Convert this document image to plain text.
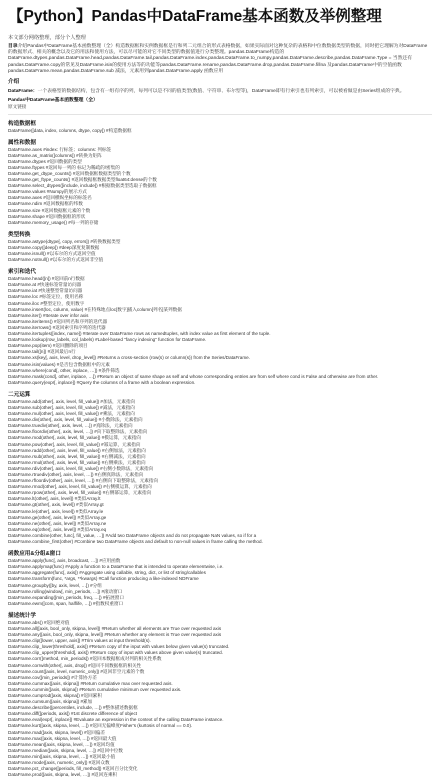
【Python】Pandas中DataFrame基本函数及举例整理
本文部分网络整理，部分个人整理
目录介绍Pandas中DataFrame基本函数整理（全）构造数据框和实例数据框是行和列二元组合的形式表格数据，如果实际面对这种复杂的表格和中位数数据类型的数据，同时把它理解为对DataFrame的数据形式、相关的概念以及它的用法和使用方法，可以尽可能的对它不同类型的数据值进行分类整理。pandas.DataFrame构造的DataFrame.dtypes,pandas.DataFrame.head,pandas.DataFrame.tail,pandas.DataFrame.index,pandas.DataFrame.to_numpy,pandas.DataFrame.describe,pandas.DataFrame.Type = 当然还有 pandas.DataFrame.copy的常见及DataFrame.isin的使用方法等的功能等pandas.DataFrame.rename,pandas.DataFrame.drop,pandas.DataFrame.fillna 及pandas.DataFrame中的空值函数pandas.DataFrame.mean,pandas.DataFrame.sub 减法，元素用到pandas.DataFrame.apply 函数应用
介绍
DataFrame：一个表格型的数据结构，包含有一组有序的列，每列可以是不同的值类型(数值、字符串、布尔型等)，DataFrame即有行索引也有列索引，可以被看做是由Series组成的字典。
Pandas中DataFrame基本函数整理（全）
原文链接
构造数据框
DataFrame([data, index, columns, dtype, copy]) #构造数据框
属性和数据
DataFrame.axes #index: 行标签；columns: 列标签
DataFrame.as_matrix([columns]) #转换为矩阵
DataFrame.dtypes #返回数据的类型
DataFrame.ftypes #返回每一列的 标记为稀疏的/密集的
DataFrame.get_dtype_counts() #返回数据框数据类型的个数
DataFrame.get_ftype_counts() #返回数据框数据类型float64:dense的个数
DataFrame.select_dtypes([include, include]) #根据数据类型选取子数据框
DataFrame.values #Numpy的展示方式
DataFrame.axes #返回横纵坐标的标签名
DataFrame.ndim #返回数据框的纬数
DataFrame.size #返回数据框元素的个数
DataFrame.shape #返回数据框的形状
DataFrame.memory_usage() #每一列的存储
类型转换
DataFrame.astype(dtype[, copy, errors]) #转换数据类型
DataFrame.copy([deep]) #deep深度复制数据
DataFrame.isnull() #以布尔的方式返回空值
DataFrame.notnull() #以布尔的方式返回非空值
索引和迭代
DataFrame.head([n]) #返回前n行数据
DataFrame.at #快速标签常量访问器
DataFrame.iat #快速整型常量访问器
DataFrame.loc #标签定位，使用名称
DataFrame.iloc #整型定位，使用数字
DataFrame.insert(loc, column, value) #在特殊地点loc[数字]插入column[列名]某列数据
DataFrame.iter() #Iterate over infor axis
DataFrame.iteritems() #返回列名和序列的迭代器
DataFrame.iterrows() #返回索引和序列的迭代器
DataFrame.itertuples([index, name]) #Iterate over DataFrame rows as namedtuples, with index value as first element of the tuple.
DataFrame.lookup(row_labels, col_labels) #Label-based "fancy indexing" function for DataFrame.
DataFrame.pop(item) #返回删除的项目
DataFrame.tail([n]) #返回最后n行
DataFrame.xs(key[, axis, level, drop_level]) #Returns a cross-section (row(s) or column(s)) from the Series/DataFrame.
DataFrame.isin(values) #是否包含数据框中的元素
DataFrame.where(cond[, other, inplace, …]) #条件筛选
DataFrame.mask(cond[, other, inplace, …]) #Return an object of same shape as self and whose corresponding entries are from self where cond is False and otherwise are from other.
DataFrame.query(expr[, inplace]) #Query the columns of a frame with a boolean expression.
二元运算
DataFrame.add(other[, axis, level, fill_value]) #加法，元素指向
DataFrame.sub(other[, axis, level, fill_value]) #减法，元素指向
DataFrame.mul(other[, axis, level, fill_value]) #乘法，元素指向
DataFrame.div(other[, axis, level, fill_value]) #小数除法，元素指向
DataFrame.truediv(other[, axis, level, …]) #真除法，元素指向
DataFrame.floordiv(other[, axis, level, …]) #向下取整除法，元素指向
DataFrame.mod(other[, axis, level, fill_value]) #模运算，元素指向
DataFrame.pow(other[, axis, level, fill_value]) #幂运算，元素指向
DataFrame.radd(other[, axis, level, fill_value]) #右侧加法，元素指向
DataFrame.rsub(other[, axis, level, fill_value]) #右侧减法，元素指向
DataFrame.rmul(other[, axis, level, fill_value]) #右侧乘法，元素指向
DataFrame.rdiv(other[, axis, level, fill_value]) #右侧小数除法，元素指向
DataFrame.rtruediv(other[, axis, level, …]) #右侧真除法，元素指向
DataFrame.rfloordiv(other[, axis, level, …]) #右侧向下取整除法，元素指向
DataFrame.rmod(other[, axis, level, fill_value]) #右侧模运算，元素指向
DataFrame.rpow(other[, axis, level, fill_value]) #右侧幂运算，元素指向
DataFrame.lt(other[, axis, level]) #类似Array.lt
DataFrame.gt(other[, axis, level]) #类似Array.gt
DataFrame.le(other[, axis, level]) #类似Array.le
DataFrame.ge(other[, axis, level]) #类似Array.ge
DataFrame.ne(other[, axis, level]) #类似Array.ne
DataFrame.eq(other[, axis, level]) #类似Array.eq
DataFrame.combine(other, func[, fill_value, …]) #Add two DataFrame objects and do not propagate NaN values, so if for a
DataFrame.combine_first(other) #Combine two DataFrame objects and default to non-null values in frame calling the method.
函数应用&分组&窗口
DataFrame.apply(func[, axis, broadcast, …]) #应用函数
DataFrame.applymap(func) #Apply a function to a DataFrame that is intended to operate elementwise, i.e.
DataFrame.aggregate(func[, axis]) #Aggregate using callable, string, dict, or list of string/callables
DataFrame.transform(func, *args, **kwargs) #Call function producing a like-indexed NDFrame
DataFrame.groupby([by, axis, level, …]) #分组
DataFrame.rolling(window[, min_periods, …]) #滚动窗口
DataFrame.expanding([min_periods, freq, …]) #拓展窗口
DataFrame.ewm([com, span, halflife, …]) #指数权重窗口
描述统计学
DataFrame.abs() #返回绝对值
DataFrame.all([axis, bool_only, skipna, level]) #Return whether all elements are True over requested axis
DataFrame.any([axis, bool_only, skipna, level]) #Return whether any element is True over requested axis
DataFrame.clip([lower, upper, axis]) #Trim values at input threshold(s).
DataFrame.clip_lower(threshold[, axis]) #Return copy of the input with values below given value(s) truncated.
DataFrame.clip_upper(threshold[, axis]) #Return copy of input with values above given value(s) truncated.
DataFrame.corr([method, min_periods]) #返回本数据框成对列的相关性系数
DataFrame.corrwith(other[, axis, drop]) #返回不同数据框的相关性
DataFrame.count([axis, level, numeric_only]) #返回非空元素的个数
DataFrame.cov([min_periods]) #计算协方差
DataFrame.cummax([axis, skipna]) #Return cumulative max over requested axis.
DataFrame.cummin([axis, skipna]) #Return cumulative minimum over requested axis.
DataFrame.cumprod([axis, skipna]) #返回累积
DataFrame.cumsum([axis, skipna]) #累加
DataFrame.describe([percentiles, include, …]) #整体描述数据框
DataFrame.diff([periods, axis]) #1st discrete difference of object
DataFrame.eval(expr[, inplace]) #Evaluate an expression in the context of the calling DataFrame instance.
DataFrame.kurt([axis, skipna, level, …]) #返回无偏峰度Fisher's (kurtosis of normal == 0.0).
DataFrame.mad([axis, skipna, level]) #返回偏差
DataFrame.max([axis, skipna, level, …]) #返回最大值
DataFrame.mean([axis, skipna, level, …]) #返回均值
DataFrame.median([axis, skipna, level, …]) #返回中位数
DataFrame.min([axis, skipna, level, …]) #返回最小值
DataFrame.mode([axis, numeric_only]) #返回众数
DataFrame.pct_change([periods, fill_method]) #返回百分比变化
DataFrame.prod([axis, skipna, level, …]) #返回连乘积
